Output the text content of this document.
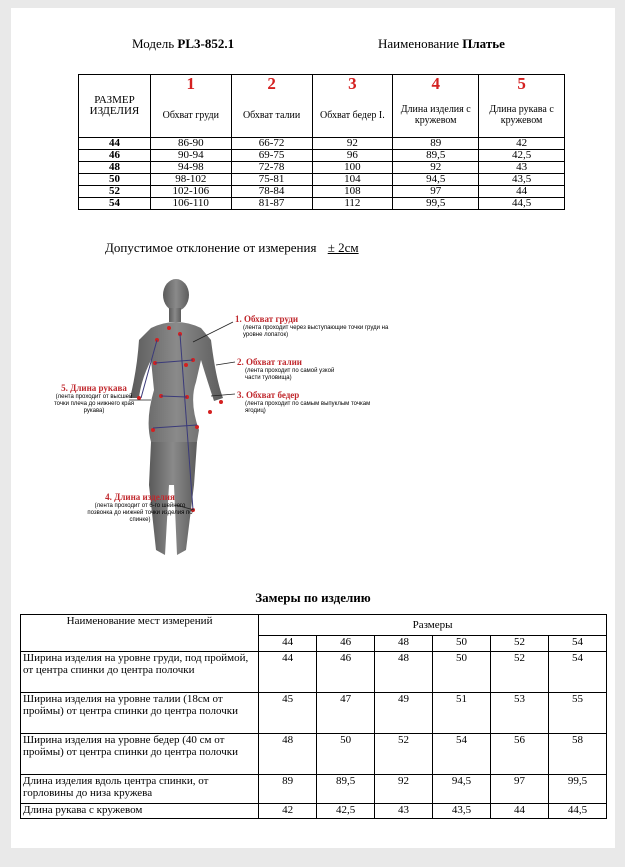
Модель PL3-852.1	Наименование Платье
РАЗМЕР
ИЗДЕЛИЯ	1	2	3	4	5
	Обхват груди	Обхват талии	Обхват бедер I.	Длина изделия с кружевом	Длина рукава с кружевом
44	86-90	66-72	92	89	42
46	90-94	69-75	96	89,5	42,5
48	94-98	72-78	100	92	43
50	98-102	75-81	104	94,5	43,5
52	102-106	78-84	108	97	44
54	106-110	81-87	112	99,5	44,5
Допустимое отклонение от измерения ± 2см
1. Обхват груди
(лента проходит через выступающие точки груди на уровне лопаток)
2. Обхват талии
(лента проходит по самой узкой части туловища)
3. Обхват бедер
(лента проходит по самым выпуклым точкам ягодиц)
4. Длина изделия
(лента проходит от 6-го шейного позвонка до нижней точки изделия по спинке)
5. Длина рукава
(лента проходит от высшей точки плеча до нижнего края рукава)
Замеры по изделию
Наименование мест измерений	Размеры					
	44	46	48	50	52	54
Ширина изделия на уровне груди, под проймой, от центра спинки до центра полочки	44	46	48	50	52	54
Ширина изделия на уровне талии (18см от проймы) от центра спинки до центра полочки	45	47	49	51	53	55
Ширина изделия на уровне бедер (40 см от проймы) от центра спинки до центра полочки	48	50	52	54	56	58
Длина изделия вдоль центра спинки, от горловины до низа кружева	89	89,5	92	94,5	97	99,5
Длина рукава с кружевом	42	42,5	43	43,5	44	44,5
